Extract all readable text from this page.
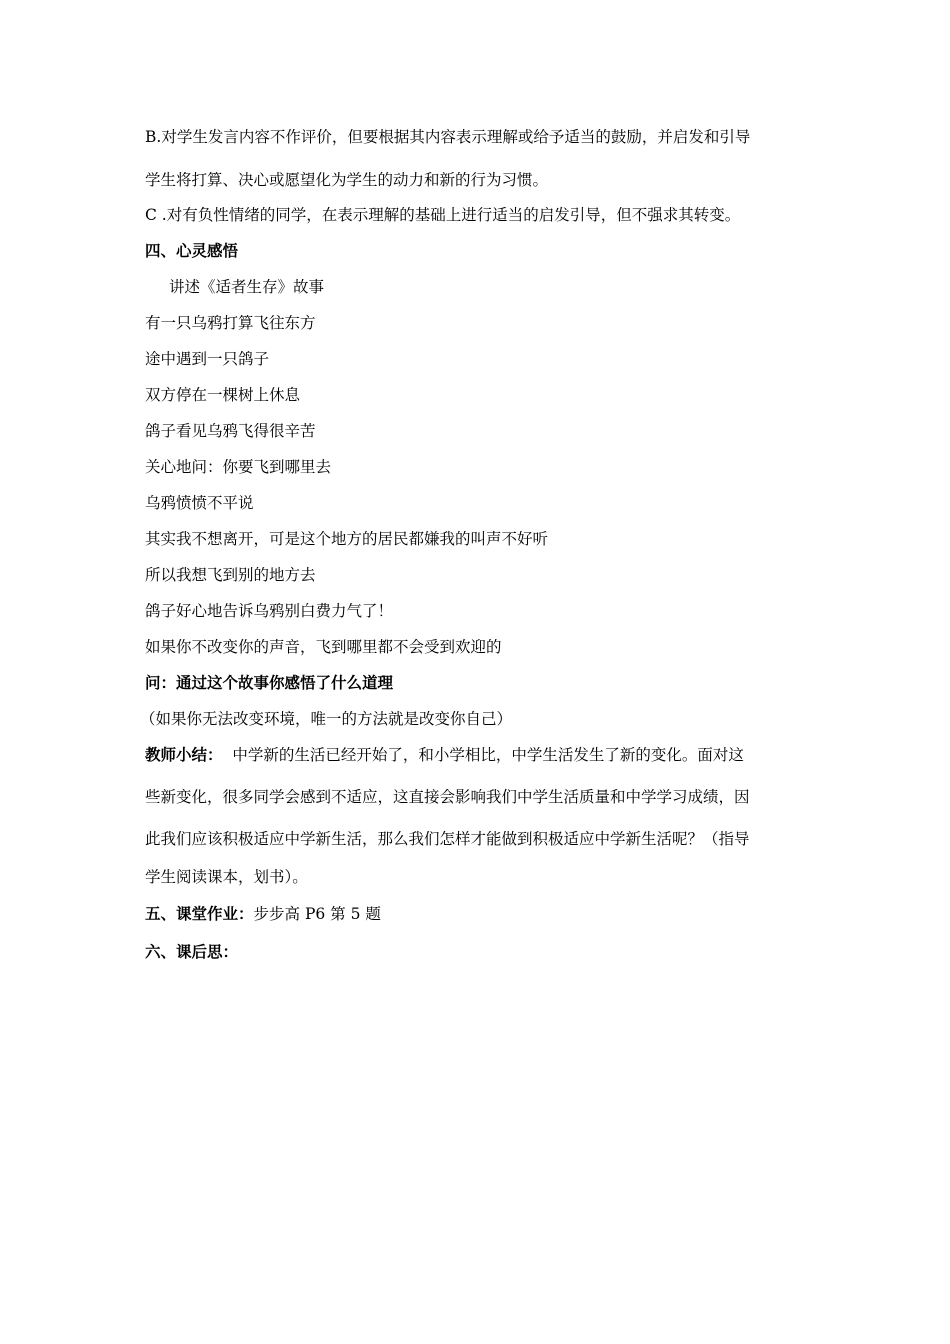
B.对学生发言内容不作评价，但要根据其内容表示理解或给予适当的鼓励，并启发和引导
学生将打算、决心或愿望化为学生的动力和新的行为习惯。
C .对有负性情绪的同学，在表示理解的基础上进行适当的启发引导，但不强求其转变。
四、心灵感悟
讲述《适者生存》故事
有一只乌鸦打算飞往东方
途中遇到一只鸽子
双方停在一棵树上休息
鸽子看见乌鸦飞得很辛苦
关心地问：你要飞到哪里去
乌鸦愤愤不平说
其实我不想离开，可是这个地方的居民都嫌我的叫声不好听
所以我想飞到别的地方去
鸽子好心地告诉乌鸦别白费力气了！
如果你不改变你的声音，飞到哪里都不会受到欢迎的
问：通过这个故事你感悟了什么道理
（如果你无法改变环境，唯一的方法就是改变你自己）
教师小结： 中学新的生活已经开始了，和小学相比，中学生活发生了新的变化。面对这
些新变化，很多同学会感到不适应，这直接会影响我们中学生活质量和中学学习成绩，因
此我们应该积极适应中学新生活，那么我们怎样才能做到积极适应中学新生活呢？（指导
学生阅读课本，划书）。
五、课堂作业：步步高 P6 第 5 题
六、课后思：
